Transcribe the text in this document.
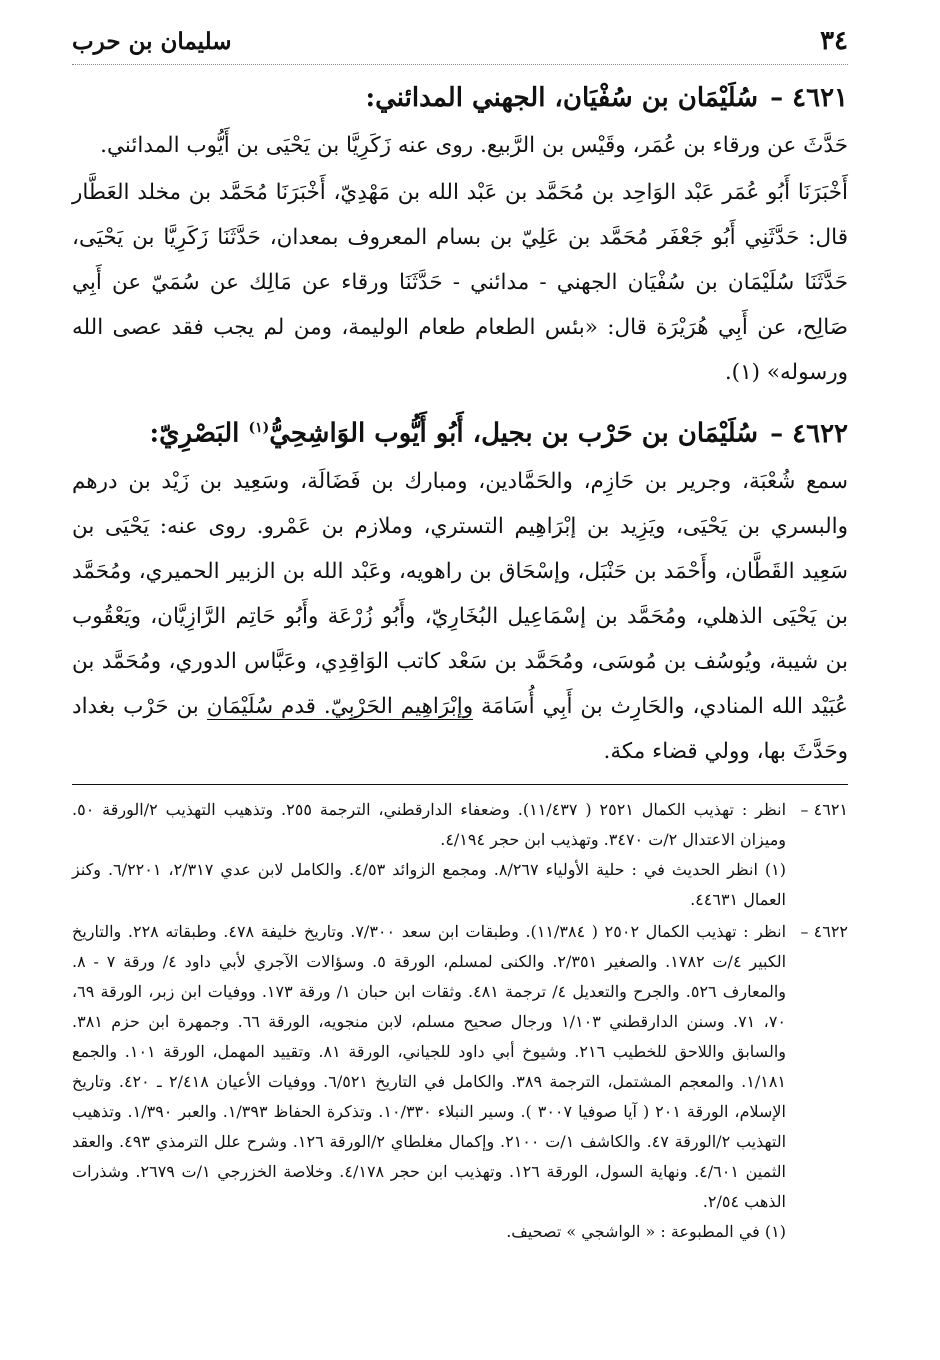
٣٤
سليمان بن حرب
٤٦٢١ –سُلَيْمَان بن سُفْيَان، الجهني المدائني:

حَدَّثَ عن ورقاء بن عُمَر، وقَيْس بن الرَّبيع. روى عنه زَكَرِيَّا بن يَحْيَى بن أَيُّوب المدائني.

أَخْبَرَنَا أَبُو عُمَر عَبْد الوَاحِد بن مُحَمَّد بن عَبْد الله بن مَهْدِيّ، أَخْبَرَنَا مُحَمَّد بن مخلد العَطَّار قال: حَدَّثَنِي أَبُو جَعْفَر مُحَمَّد بن عَلِيّ بن بسام المعروف بمعدان، حَدَّثَنَا زَكَرِيَّا بن يَحْيَى، حَدَّثَنَا سُلَيْمَان بن سُفْيَان الجهني - مدائني - حَدَّثَنَا ورقاء عن مَالِك عن سُمَيّ عن أَبِي صَالِح، عن أَبِي هُرَيْرَة قال: «بئس الطعام طعام الوليمة، ومن لم يجب فقد عصى الله ورسوله» (١).

٤٦٢٢ –سُلَيْمَان بن حَرْب بن بجيل، أَبُو أَيُّوب الوَاشِحِيُّ$^{(١)}$ البَصْرِيّ:

سمع شُعْبَة، وجرير بن حَازِم، والحَمَّادين، ومبارك بن فَضَالَة، وسَعِيد بن زَيْد بن درهم والبسري بن يَحْيَى، ويَزِيد بن إبْرَاهِيم التستري، وملازم بن عَمْرو. روى عنه: يَحْيَى بن سَعِيد القَطَّان، وأَحْمَد بن حَنْبَل، وإسْحَاق بن راهويه، وعَبْد الله بن الزبير الحميري، ومُحَمَّد بن يَحْيَى الذهلي، ومُحَمَّد بن إسْمَاعِيل البُخَارِيّ، وأَبُو زُرْعَة وأَبُو حَاتِم الرَّازِيَّان، ويَعْقُوب بن شيبة، ويُوسُف بن مُوسَى، ومُحَمَّد بن سَعْد كاتب الوَاقِدِي، وعَبَّاس الدوري، ومُحَمَّد بن عُبَيْد الله المنادي، والحَارِث بن أَبِي أُسَامَة وإبْرَاهِيم الحَرْبِيّ. قدم سُلَيْمَان بن حَرْب بغداد وحَدَّثَ بها، وولي قضاء مكة.

٤٦٢١ –
انظر : تهذيب الكمال ٢٥٢١ ( ١١/٤٣٧). وضعفاء الدارقطني، الترجمة ٢٥٥. وتذهيب التهذيب ٢/الورقة ٥٠. وميزان الاعتدال ٢/ت ٣٤٧٠. وتهذيب ابن حجر ٤/١٩٤.
(١) انظر الحديث في : حلية الأولياء ٨/٢٦٧. ومجمع الزوائد ٤/٥٣. والكامل لابن عدي ٢/٣١٧، ٦/٢٢٠١. وكنز العمال ٤٤٦٣١.
٤٦٢٢ –
انظر : تهذيب الكمال ٢٥٠٢ ( ١١/٣٨٤). وطبقات ابن سعد ٧/٣٠٠. وتاريخ خليفة ٤٧٨. وطبقاته ٢٢٨. والتاريخ الكبير ٤/ت ١٧٨٢. والصغير ٢/٣٥١. والكنى لمسلم، الورقة ٥. وسؤالات الآجري لأبي داود ٤/ ورقة ٧ - ٨. والمعارف ٥٢٦. والجرح والتعديل ٤/ ترجمة ٤٨١. وثقات ابن حبان ١/ ورقة ١٧٣. ووفيات ابن زبر، الورقة ٦٩، ٧٠، ٧١. وسنن الدارقطني ١/١٠٣ ورجال صحيح مسلم، لابن منجويه، الورقة ٦٦. وجمهرة ابن حزم ٣٨١. والسابق واللاحق للخطيب ٢١٦. وشيوخ أبي داود للجياني، الورقة ٨١. وتقييد المهمل، الورقة ١٠١. والجمع ١/١٨١. والمعجم المشتمل، الترجمة ٣٨٩. والكامل في التاريخ ٦/٥٢١. ووفيات الأعيان ٢/٤١٨ ـ ٤٢٠. وتاريخ الإسلام، الورقة ٢٠١ ( آيا صوفيا ٣٠٠٧ ). وسير النبلاء ١٠/٣٣٠. وتذكرة الحفاظ ١/٣٩٣. والعبر ١/٣٩٠. وتذهيب التهذيب ٢/الورقة ٤٧. والكاشف ١/ت ٢١٠٠. وإكمال مغلطاي ٢/الورقة ١٢٦. وشرح علل الترمذي ٤٩٣. والعقد الثمين ٤/٦٠١. ونهاية السول، الورقة ١٢٦. وتهذيب ابن حجر ٤/١٧٨. وخلاصة الخزرجي ١/ت ٢٦٧٩. وشذرات الذهب ٢/٥٤.
(١) في المطبوعة : « الواشجي » تصحيف.
